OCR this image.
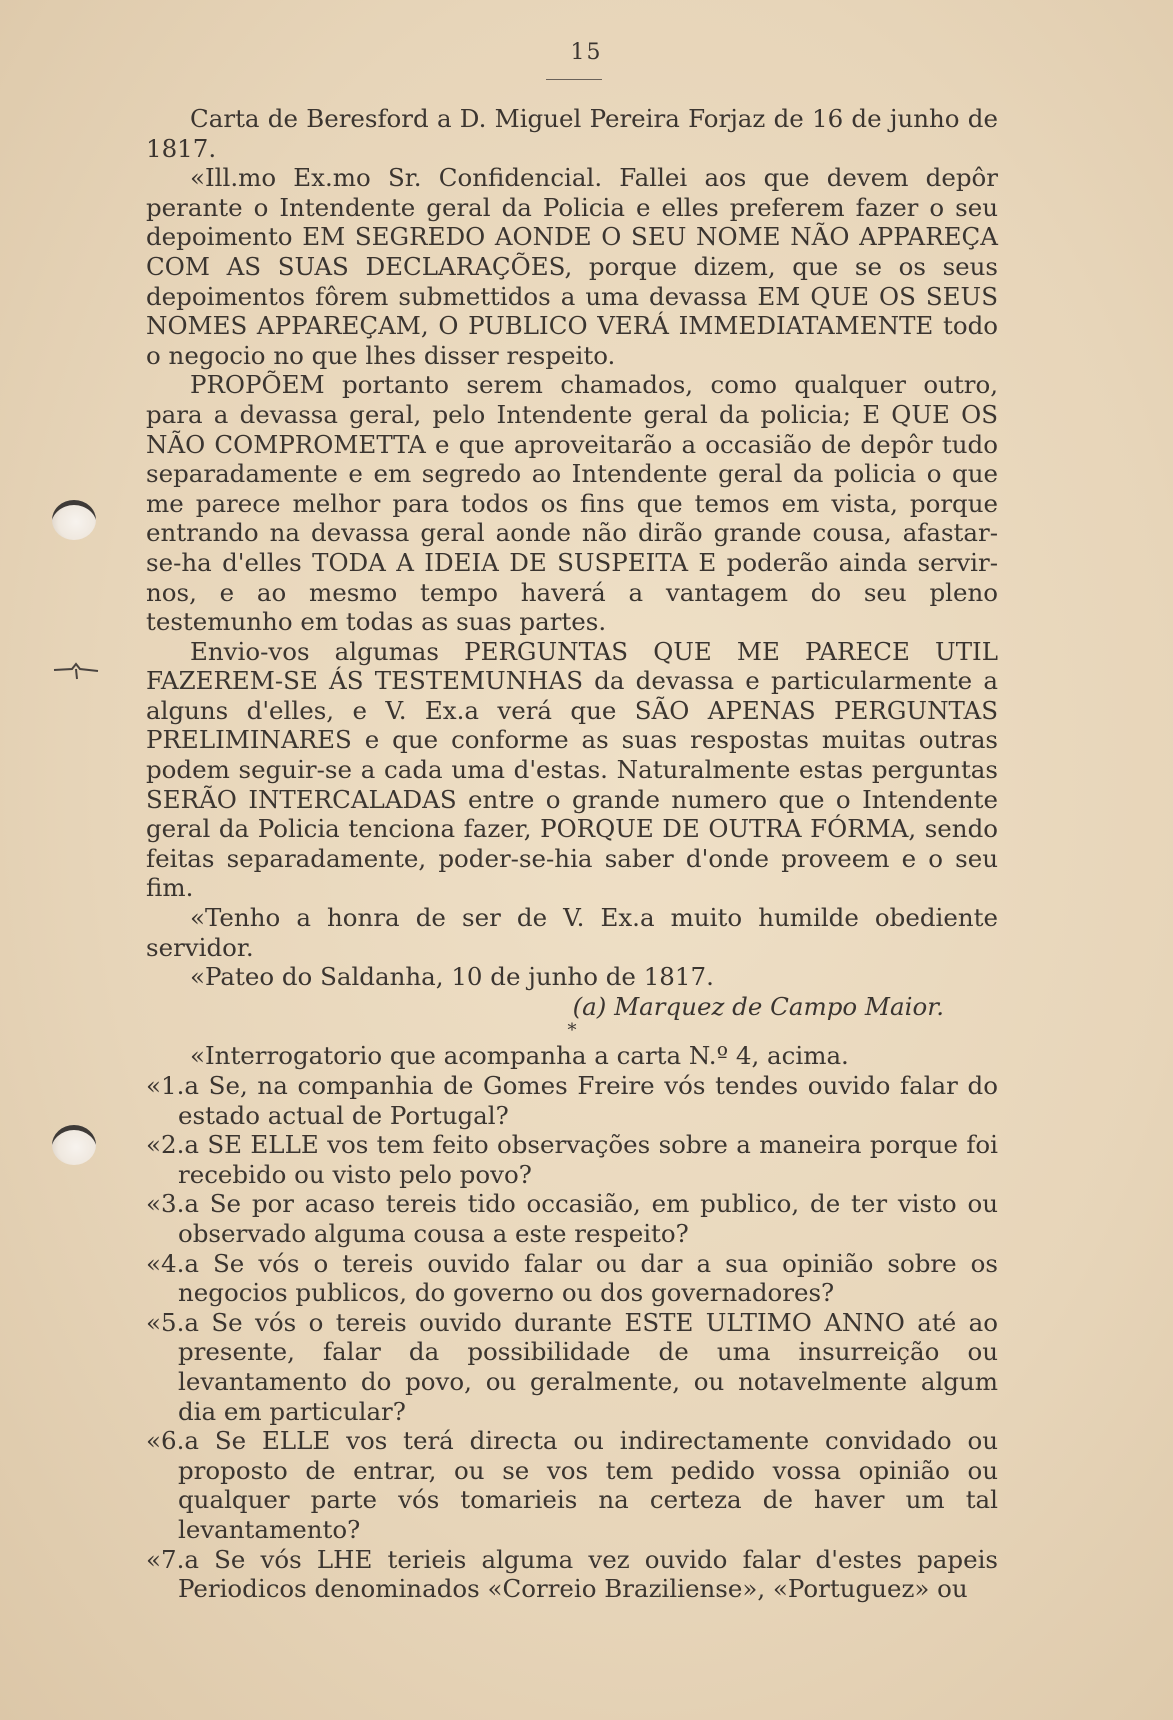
15

Carta de Beresford a D. Miguel Pereira Forjaz de 16 de junho de 1817.

«Ill.mo Ex.mo Sr. Confidencial. Fallei aos que devem depôr perante o Intendente geral da Policia e elles preferem fazer o seu depoimento EM SEGREDO AONDE O SEU NOME NÃO APPAREÇA COM AS SUAS DECLARAÇÕES, porque dizem, que se os seus depoimentos fôrem submettidos a uma devassa EM QUE OS SEUS NOMES APPAREÇAM, O PUBLICO VERÁ IMMEDIATAMENTE todo o negocio no que lhes disser respeito.

PROPÕEM portanto serem chamados, como qualquer outro, para a devassa geral, pelo Intendente geral da policia; E QUE OS NÃO COMPROMETTA e que aproveitarão a occasião de depôr tudo separadamente e em segredo ao Intendente geral da policia o que me parece melhor para todos os fins que temos em vista, porque entrando na devassa geral aonde não dirão grande cousa, afastar-se-ha d'elles TODA A IDEIA DE SUSPEITA E poderão ainda servir-nos, e ao mesmo tempo haverá a vantagem do seu pleno testemunho em todas as suas partes.

Envio-vos algumas PERGUNTAS QUE ME PARECE UTIL FAZEREM-SE ÁS TESTEMUNHAS da devassa e particularmente a alguns d'elles, e V. Ex.a verá que SÃO APENAS PERGUNTAS PRELIMINARES e que conforme as suas respostas muitas outras podem seguir-se a cada uma d'estas. Naturalmente estas perguntas SERÃO INTERCALADAS entre o grande numero que o Intendente geral da Policia tenciona fazer, PORQUE DE OUTRA FÓRMA, sendo feitas separadamente, poder-se-hia saber d'onde proveem e o seu fim.

«Tenho a honra de ser de V. Ex.a muito humilde obediente servidor.

«Pateo do Saldanha, 10 de junho de 1817.

(a) Marquez de Campo Maior.

*

«Interrogatorio que acompanha a carta N.º 4, acima.

«1.a Se, na companhia de Gomes Freire vós tendes ouvido falar do estado actual de Portugal?

«2.a SE ELLE vos tem feito observações sobre a maneira porque foi recebido ou visto pelo povo?

«3.a Se por acaso tereis tido occasião, em publico, de ter visto ou observado alguma cousa a este respeito?

«4.a Se vós o tereis ouvido falar ou dar a sua opinião sobre os negocios publicos, do governo ou dos governadores?

«5.a Se vós o tereis ouvido durante ESTE ULTIMO ANNO até ao presente, falar da possibilidade de uma insurreição ou levantamento do povo, ou geralmente, ou notavelmente algum dia em particular?

«6.a Se ELLE vos terá directa ou indirectamente convidado ou proposto de entrar, ou se vos tem pedido vossa opinião ou qualquer parte vós tomarieis na certeza de haver um tal levantamento?

«7.a Se vós LHE terieis alguma vez ouvido falar d'estes papeis Periodicos denominados «Correio Braziliense», «Portuguez» ou
